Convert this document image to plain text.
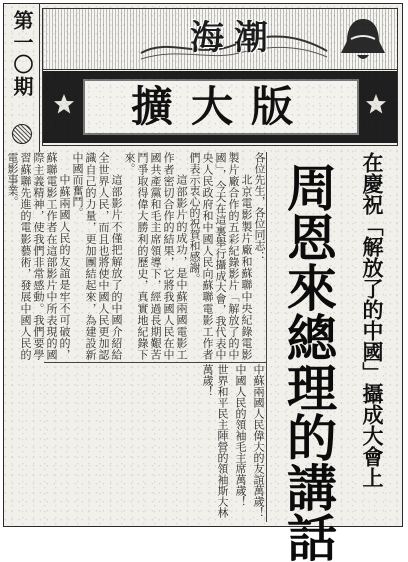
第一〇期	海潮
擴大版
在慶祝「解放了的中國」攝成大會上
周恩來總理的講話

各位先生，各位同志：

北京電影製片廠和蘇聯中央紀錄電影製片廠合作的五彩紀錄影片「解放了的中國」，今天在這裏舉行攝成大會，我代表中央人民政府和中國人民向蘇聯電影工作者們表示衷心的祝賀和感謝。

這部影片的成功，是中蘇兩國電影工作者密切合作的結果，它將我國人民在中國共產黨和毛主席領導下，經過長期艱苦鬥爭取得偉大勝利的歷史，真實地紀錄下來。

這部影片不僅把解放了的中國介紹給全世界人民，而且也將使中國人民更加認識自己的力量，更加團結起來，為建設新中國而奮鬥。

中蘇兩國人民的友誼是牢不可破的，蘇聯電影工作者在這部影片中所表現的國際主義精神，使我們非常感動。我們要學習蘇聯先進的電影藝術，發展中國人民的電影事業。

中蘇兩國人民偉大的友誼萬歲！

中國人民的領袖毛主席萬歲！

世界和平民主陣營的領袖斯大林萬歲！
